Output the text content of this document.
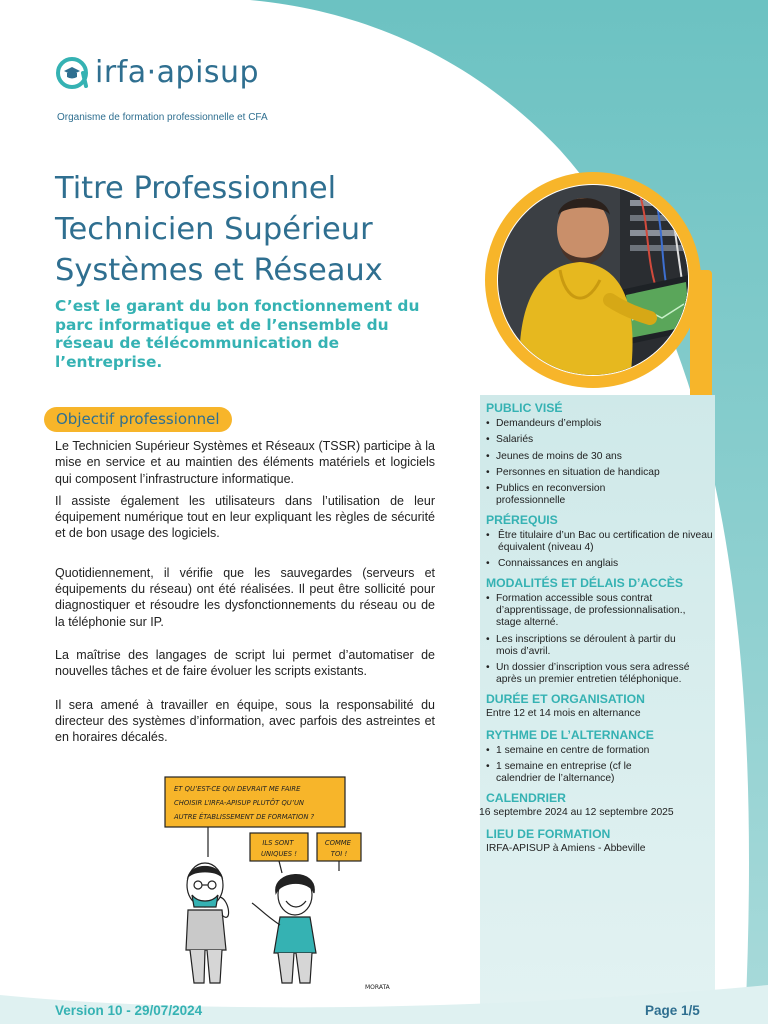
irfa·apisup
Organisme de formation professionnelle et CFA
Titre Professionnel
Technicien Supérieur
Systèmes et Réseaux
C’est le garant du bon fonctionnement du parc informatique et de l’ensemble du réseau de télécommunication de l’entreprise.
Objectif professionnel

Le Technicien Supérieur Systèmes et Réseaux (TSSR) participe à la mise en service et au maintien des éléments matériels et logiciels qui composent l’infrastructure informatique.

Il assiste également les utilisateurs dans l’utilisation de leur équipement numérique tout en leur expliquant les règles de sécurité et de bon usage des logiciels.

Quotidiennement, il vérifie que les sauvegardes (serveurs et équipements du réseau) ont été réalisées. Il peut être sollicité pour diagnostiquer et résoudre les dysfonctionnements du réseau ou de la téléphonie sur IP.

La maîtrise des langages de script lui permet d’automatiser de nouvelles tâches et de faire évoluer les scripts existants.

Il sera amené à travailler en équipe, sous la responsabilité du directeur des systèmes d’information, avec parfois des astreintes et en horaires décalés.

ET QU’EST-CE QUI DEVRAIT ME FAIRE CHOISIR L’IRFA-APISUP PLUTÔT QU’UN AUTRE ÉTABLISSEMENT DE FORMATION ?
ILS SONT UNIQUES !
COMME TOI !
MORATA

PUBLIC VISÉ

• Demandeurs d’emplois
• Salariés
• Jeunes de moins de 30 ans
• Personnes en situation de handicap
• Publics en reconversion professionnelle

PRÉREQUIS

• Être titulaire d’un Bac ou certification de niveau équivalent (niveau 4)
• Connaissances en anglais

MODALITÉS ET DÉLAIS D’ACCÈS

• Formation accessible sous contrat d’apprentissage, de professionnalisation., stage alterné.
• Les inscriptions se déroulent à partir du mois d’avril.
• Un dossier d’inscription vous sera adressé après un premier entretien téléphonique.

DURÉE ET ORGANISATION

Entre 12 et 14 mois en alternance

RYTHME DE L’ALTERNANCE

• 1 semaine en centre de formation
• 1 semaine en entreprise (cf le calendrier de l’alternance)

CALENDRIER

16 septembre 2024 au 12 septembre 2025

LIEU DE FORMATION

IRFA-APISUP à Amiens - Abbeville
Version 10 - 29/07/2024	Page 1/5
